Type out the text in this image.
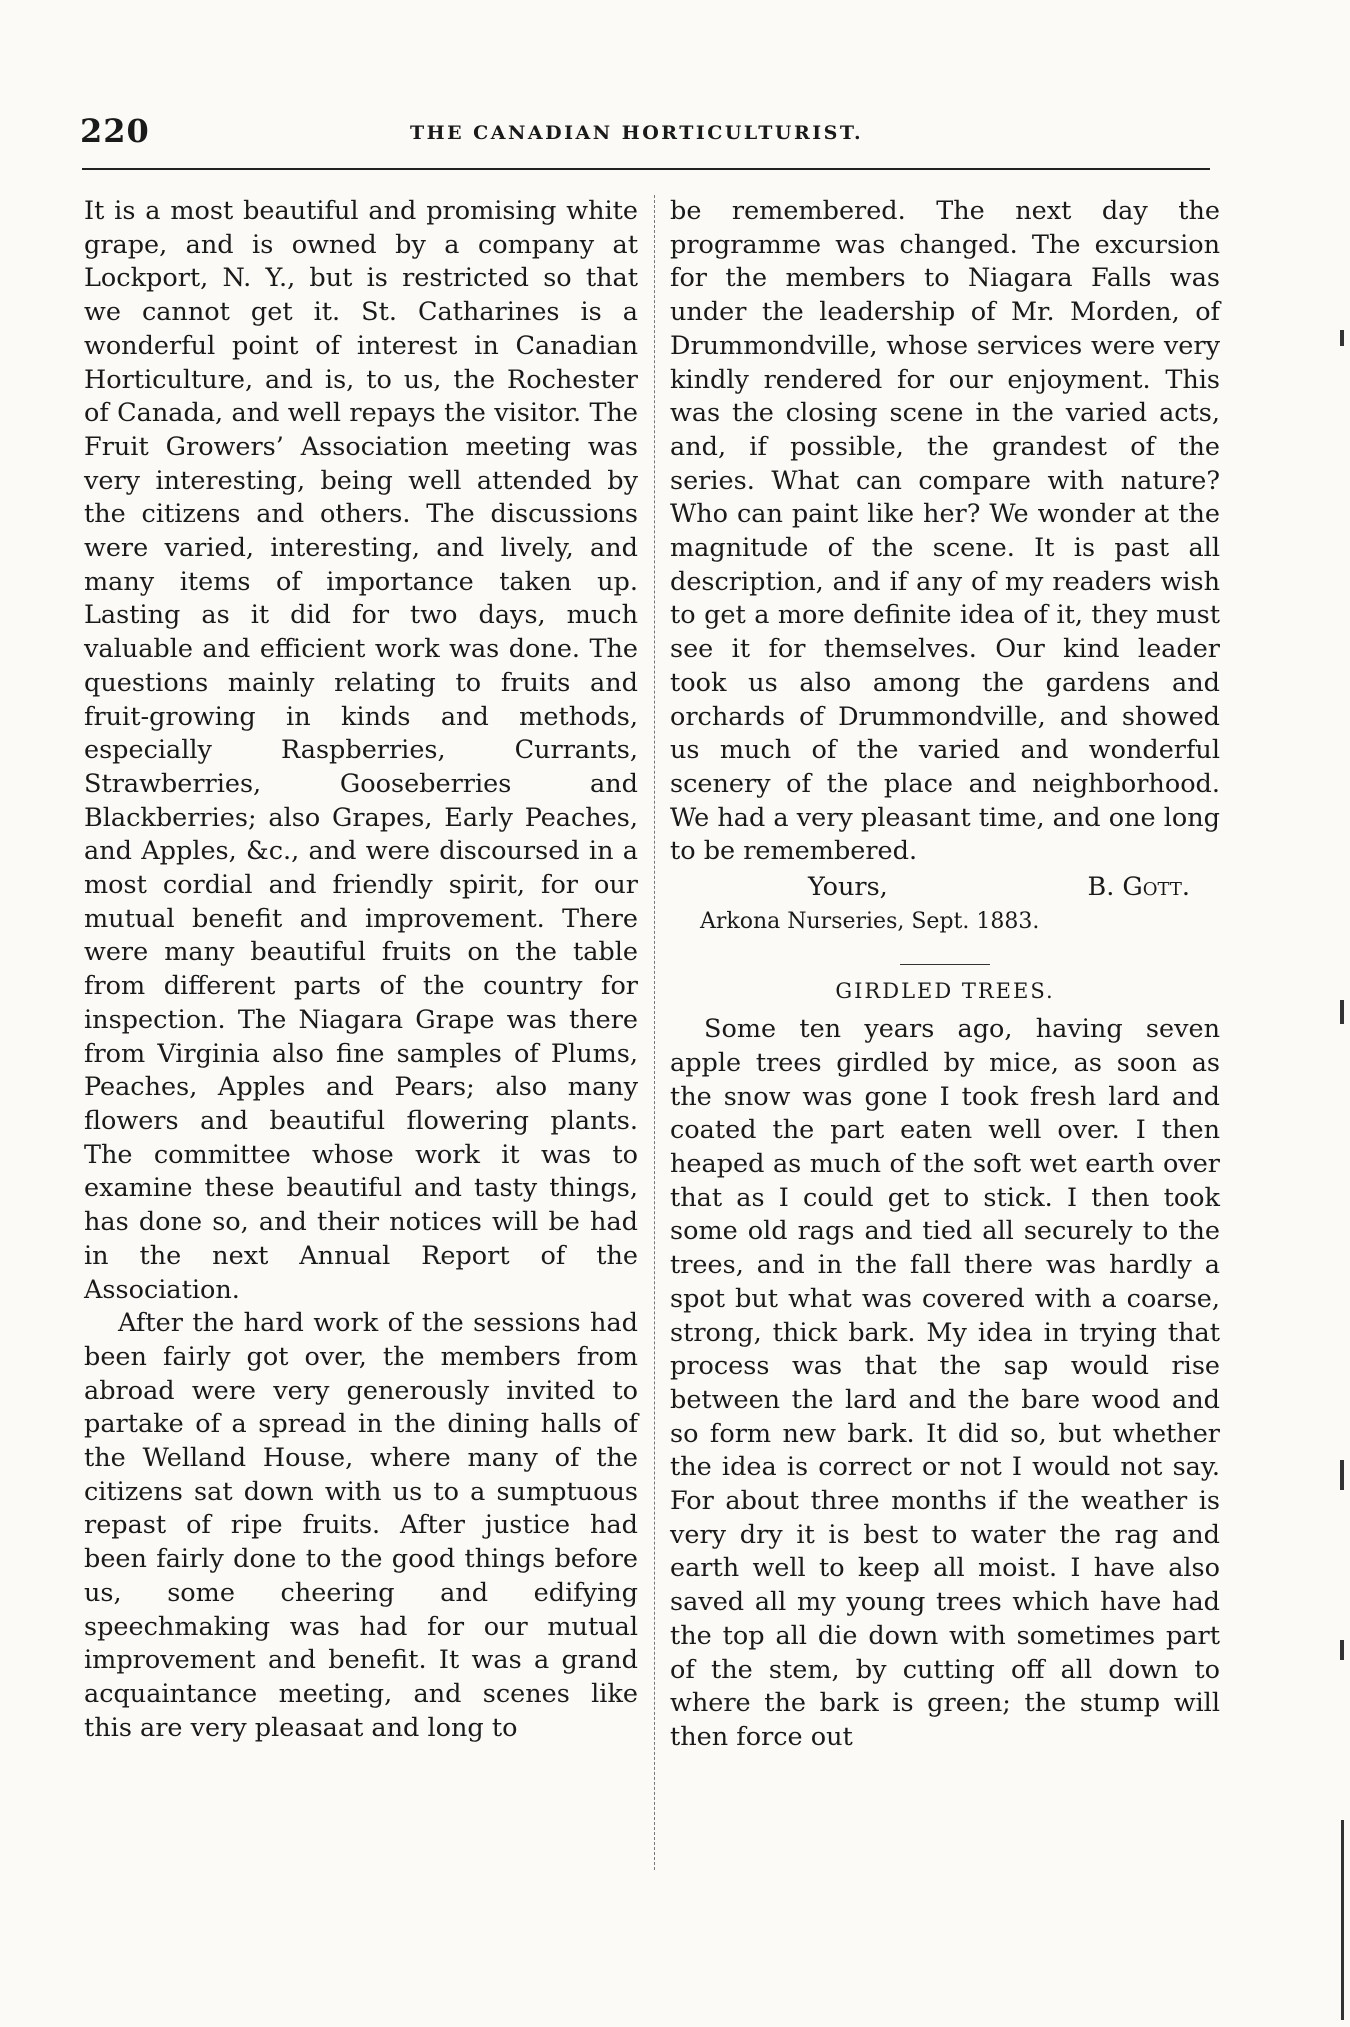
220	THE CANADIAN HORTICULTURIST.

It is a most beautiful and promising white grape, and is owned by a company at Lockport, N. Y., but is restricted so that we cannot get it. St. Catharines is a wonderful point of interest in Canadian Horticulture, and is, to us, the Rochester of Canada, and well repays the visitor. The Fruit Growers’ Association meeting was very interesting, being well attended by the citizens and others. The discussions were varied, interesting, and lively, and many items of importance taken up. Lasting as it did for two days, much valuable and efficient work was done. The questions mainly relating to fruits and fruit-growing in kinds and methods, especially Raspberries, Currants, Strawberries, Gooseberries and Blackberries; also Grapes, Early Peaches, and Apples, &c., and were discoursed in a most cordial and friendly spirit, for our mutual benefit and improvement. There were many beautiful fruits on the table from different parts of the country for inspection. The Niagara Grape was there from Virginia also fine samples of Plums, Peaches, Apples and Pears; also many flowers and beautiful flowering plants. The committee whose work it was to examine these beautiful and tasty things, has done so, and their notices will be had in the next Annual Report of the Association.

After the hard work of the sessions had been fairly got over, the members from abroad were very generously invited to partake of a spread in the dining halls of the Welland House, where many of the citizens sat down with us to a sumptuous repast of ripe fruits. After justice had been fairly done to the good things before us, some cheering and edifying speechmaking was had for our mutual improvement and benefit. It was a grand acquaintance meeting, and scenes like this are very pleasaat and long to

be remembered. The next day the programme was changed. The excursion for the members to Niagara Falls was under the leadership of Mr. Morden, of Drummondville, whose services were very kindly rendered for our enjoyment. This was the closing scene in the varied acts, and, if possible, the grandest of the series. What can compare with nature? Who can paint like her? We wonder at the magnitude of the scene. It is past all description, and if any of my readers wish to get a more definite idea of it, they must see it for themselves. Our kind leader took us also among the gardens and orchards of Drummondville, and showed us much of the varied and wonderful scenery of the place and neighborhood. We had a very pleasant time, and one long to be remembered.

Yours,	B. Gott.
Arkona Nurseries, Sept. 1883.
GIRDLED TREES.

Some ten years ago, having seven apple trees girdled by mice, as soon as the snow was gone I took fresh lard and coated the part eaten well over. I then heaped as much of the soft wet earth over that as I could get to stick. I then took some old rags and tied all securely to the trees, and in the fall there was hardly a spot but what was covered with a coarse, strong, thick bark. My idea in trying that process was that the sap would rise between the lard and the bare wood and so form new bark. It did so, but whether the idea is correct or not I would not say. For about three months if the weather is very dry it is best to water the rag and earth well to keep all moist. I have also saved all my young trees which have had the top all die down with sometimes part of the stem, by cutting off all down to where the bark is green; the stump will then force out
